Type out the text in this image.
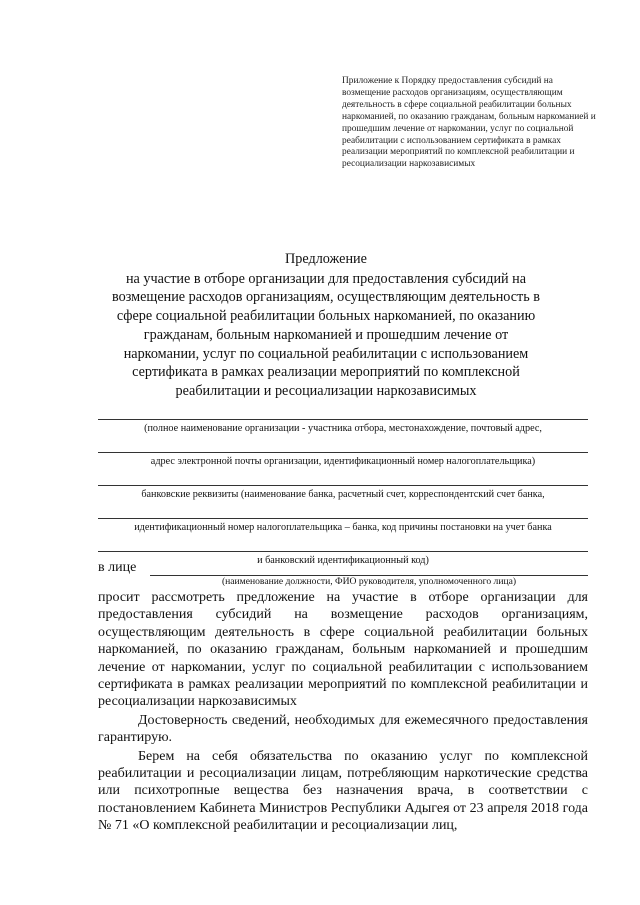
Приложение к Порядку предоставления субсидий на возмещение расходов организациям, осуществляющим деятельность в сфере социальной реабилитации больных наркоманией, по оказанию гражданам, больным наркоманией и прошедшим лечение от наркомании, услуг по социальной реабилитации с использованием сертификата в рамках реализации мероприятий по комплексной реабилитации и ресоциализации наркозависимых
Предложение
на участие в отборе организации для предоставления субсидий на возмещение расходов организациям, осуществляющим деятельность в сфере социальной реабилитации больных наркоманией, по оказанию гражданам, больным наркоманией и прошедшим лечение от наркомании, услуг по социальной реабилитации с использованием сертификата в рамках реализации мероприятий по комплексной реабилитации и ресоциализации наркозависимых
(полное наименование организации - участника отбора, местонахождение, почтовый адрес,
адрес электронной почты организации, идентификационный номер налогоплательщика)
банковские реквизиты (наименование банка, расчетный счет, корреспондентский счет банка,
идентификационный номер налогоплательщика – банка, код причины постановки на учет банка
и банковский идентификационный код)
в лице
(наименование должности, ФИО руководителя, уполномоченного лица)

просит рассмотреть предложение на участие в отборе организации для предоставления субсидий на возмещение расходов организациям, осуществляющим деятельность в сфере социальной реабилитации больных наркоманией, по оказанию гражданам, больным наркоманией и прошедшим лечение от наркомании, услуг по социальной реабилитации с использованием сертификата в рамках реализации мероприятий по комплексной реабилитации и ресоциализации наркозависимых

Достоверность сведений, необходимых для ежемесячного предоставления гарантирую.

Берем на себя обязательства по оказанию услуг по комплексной реабилитации и ресоциализации лицам, потребляющим наркотические средства или психотропные вещества без назначения врача, в соответствии с постановлением Кабинета Министров Республики Адыгея от 23 апреля 2018 года № 71 «О комплексной реабилитации и ресоциализации лиц,
